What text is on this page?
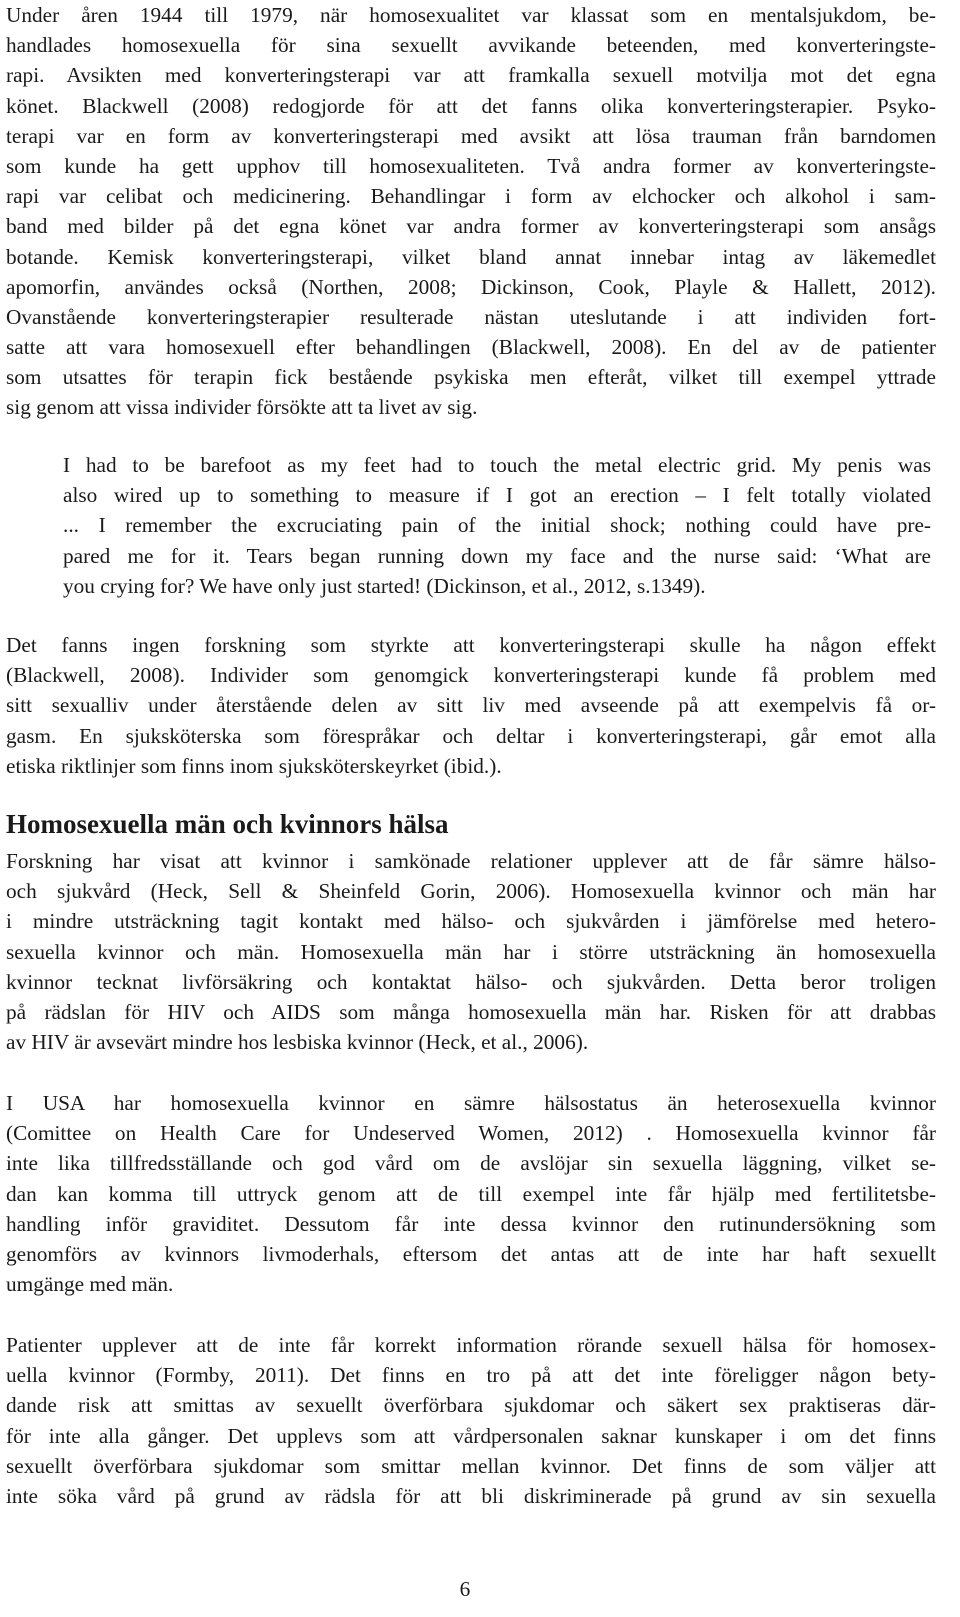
Under åren 1944 till 1979, när homosexualitet var klassat som en mentalsjukdom, be-
handlades homosexuella för sina sexuellt avvikande beteenden, med konverteringste-
rapi. Avsikten med konverteringsterapi var att framkalla sexuell motvilja mot det egna
könet. Blackwell (2008) redogjorde för att det fanns olika konverteringsterapier. Psyko-
terapi var en form av konverteringsterapi med avsikt att lösa trauman från barndomen
som kunde ha gett upphov till homosexualiteten. Två andra former av konverteringste-
rapi var celibat och medicinering. Behandlingar i form av elchocker och alkohol i sam-
band med bilder på det egna könet var andra former av konverteringsterapi som ansågs
botande. Kemisk konverteringsterapi, vilket bland annat innebar intag av läkemedlet
apomorfin, användes också (Northen, 2008; Dickinson, Cook, Playle & Hallett, 2012).
Ovanstående konverteringsterapier resulterade nästan uteslutande i att individen fort-
satte att vara homosexuell efter behandlingen (Blackwell, 2008). En del av de patienter
som utsattes för terapin fick bestående psykiska men efteråt, vilket till exempel yttrade
sig genom att vissa individer försökte att ta livet av sig.
I had to be barefoot as my feet had to touch the metal electric grid. My penis was
also wired up to something to measure if I got an erection – I felt totally violated
... I remember the excruciating pain of the initial shock; nothing could have pre-
pared me for it. Tears began running down my face and the nurse said: ‘What are
you crying for? We have only just started! (Dickinson, et al., 2012, s.1349).
Det fanns ingen forskning som styrkte att konverteringsterapi skulle ha någon effekt
(Blackwell, 2008). Individer som genomgick konverteringsterapi kunde få problem med
sitt sexualliv under återstående delen av sitt liv med avseende på att exempelvis få or-
gasm. En sjuksköterska som förespråkar och deltar i konverteringsterapi, går emot alla
etiska riktlinjer som finns inom sjuksköterskeyrket (ibid.).
Homosexuella män och kvinnors hälsa
Forskning har visat att kvinnor i samkönade relationer upplever att de får sämre hälso-
och sjukvård (Heck, Sell & Sheinfeld Gorin, 2006). Homosexuella kvinnor och män har
i mindre utsträckning tagit kontakt med hälso- och sjukvården i jämförelse med hetero-
sexuella kvinnor och män. Homosexuella män har i större utsträckning än homosexuella
kvinnor tecknat livförsäkring och kontaktat hälso- och sjukvården. Detta beror troligen
på rädslan för HIV och AIDS som många homosexuella män har. Risken för att drabbas
av HIV är avsevärt mindre hos lesbiska kvinnor (Heck, et al., 2006).
I USA har homosexuella kvinnor en sämre hälsostatus än heterosexuella kvinnor
(Comittee on Health Care for Undeserved Women, 2012) . Homosexuella kvinnor får
inte lika tillfredsställande och god vård om de avslöjar sin sexuella läggning, vilket se-
dan kan komma till uttryck genom att de till exempel inte får hjälp med fertilitetsbe-
handling inför graviditet. Dessutom får inte dessa kvinnor den rutinundersökning som
genomförs av kvinnors livmoderhals, eftersom det antas att de inte har haft sexuellt
umgänge med män.
Patienter upplever att de inte får korrekt information rörande sexuell hälsa för homosex-
uella kvinnor (Formby, 2011). Det finns en tro på att det inte föreligger någon bety-
dande risk att smittas av sexuellt överförbara sjukdomar och säkert sex praktiseras där-
för inte alla gånger. Det upplevs som att vårdpersonalen saknar kunskaper i om det finns
sexuellt överförbara sjukdomar som smittar mellan kvinnor. Det finns de som väljer att
inte söka vård på grund av rädsla för att bli diskriminerade på grund av sin sexuella
6
